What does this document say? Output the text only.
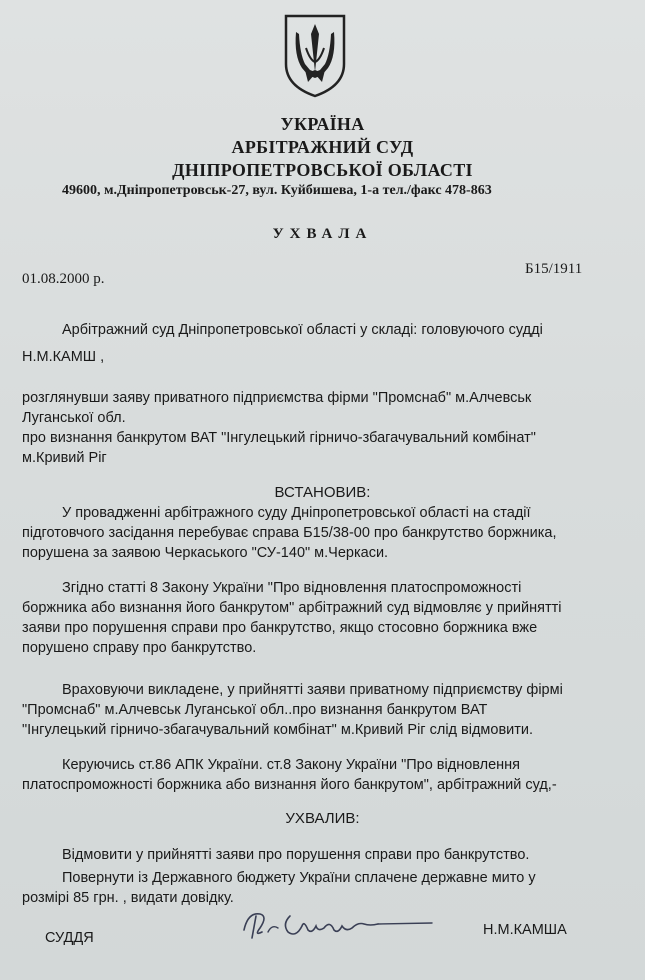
УКРАЇНА
АРБІТРАЖНИЙ СУД
ДНІПРОПЕТРОВСЬКОЇ ОБЛАСТІ
49600, м.Дніпропетровськ-27, вул. Куйбишева, 1-а тел./факс 478-863
УХВАЛА
01.08.2000 р.
Б15/1911
Арбітражний суд Дніпропетровської області у складі: головуючого судді
Н.М.КАМШ ,
розглянувши заяву приватного підприємства фірми "Промснаб" м.Алчевськ
Луганської обл.
про визнання банкрутом ВАТ "Інгулецький гірничо-збагачувальний комбінат"
м.Кривий Ріг
ВСТАНОВИВ:
У провадженні арбітражного суду Дніпропетровської області на стадії
підготовчого засідання перебуває справа Б15/38-00 про банкрутство боржника,
порушена за заявою Черкаського "СУ-140" м.Черкаси.
Згідно статті 8 Закону України "Про відновлення платоспроможності
боржника або визнання його банкрутом" арбітражний суд відмовляє у прийнятті
заяви про порушення справи про банкрутство, якщо стосовно боржника вже
порушено справу про банкрутство.
Враховуючи викладене, у прийнятті заяви приватному підприємству фірмі
"Промснаб" м.Алчевськ Луганської обл..про визнання банкрутом ВАТ
"Інгулецький гірничо-збагачувальний комбінат" м.Кривий Ріг слід відмовити.
Керуючись ст.86 АПК України. ст.8 Закону України "Про відновлення
платоспроможності боржника або визнання його банкрутом", арбітражний суд,-
УХВАЛИВ:
Відмовити у прийнятті заяви про порушення справи про банкрутство.
Повернути із Державного бюджету України сплачене державне мито у
розмірі 85 грн. , видати довідку.
СУДДЯ	Н.М.КАМША
